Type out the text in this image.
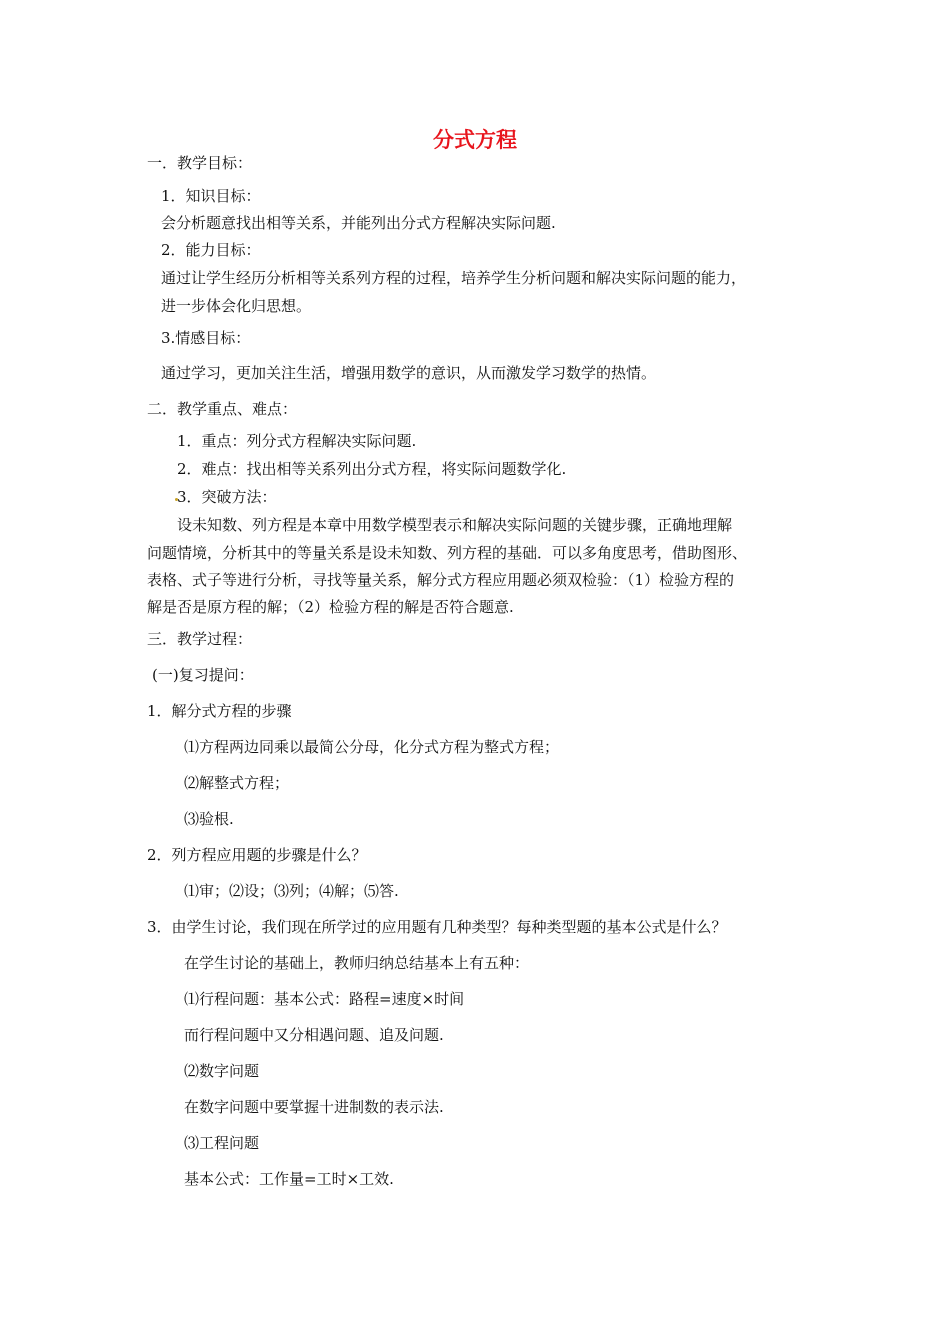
分式方程
一．教学目标：
1．知识目标：
会分析题意找出相等关系，并能列出分式方程解决实际问题.
2．能力目标：
通过让学生经历分析相等关系列方程的过程，培养学生分析问题和解决实际问题的能力，
进一步体会化归思想。
3.情感目标：
通过学习，更加关注生活，增强用数学的意识，从而激发学习数学的热情。
二．教学重点、难点：
1．重点：列分式方程解决实际问题.
2．难点：找出相等关系列出分式方程，将实际问题数学化.
3．突破方法：
设未知数、列方程是本章中用数学模型表示和解决实际问题的关键步骤，正确地理解
问题情境，分析其中的等量关系是设未知数、列方程的基础．可以多角度思考，借助图形、
表格、式子等进行分析，寻找等量关系，解分式方程应用题必须双检验：（1）检验方程的
解是否是原方程的解；（2）检验方程的解是否符合题意.
三．教学过程：
(一)复习提问：
1．解分式方程的步骤
⑴方程两边同乘以最简公分母，化分式方程为整式方程；
⑵解整式方程；
⑶验根.
2．列方程应用题的步骤是什么？
⑴审；⑵设；⑶列；⑷解；⑸答.
3．由学生讨论，我们现在所学过的应用题有几种类型？每种类型题的基本公式是什么？
在学生讨论的基础上，教师归纳总结基本上有五种：
⑴行程问题：基本公式：路程=速度×时间
而行程问题中又分相遇问题、追及问题.
⑵数字问题
在数字问题中要掌握十进制数的表示法.
⑶工程问题
基本公式：工作量=工时×工效.
